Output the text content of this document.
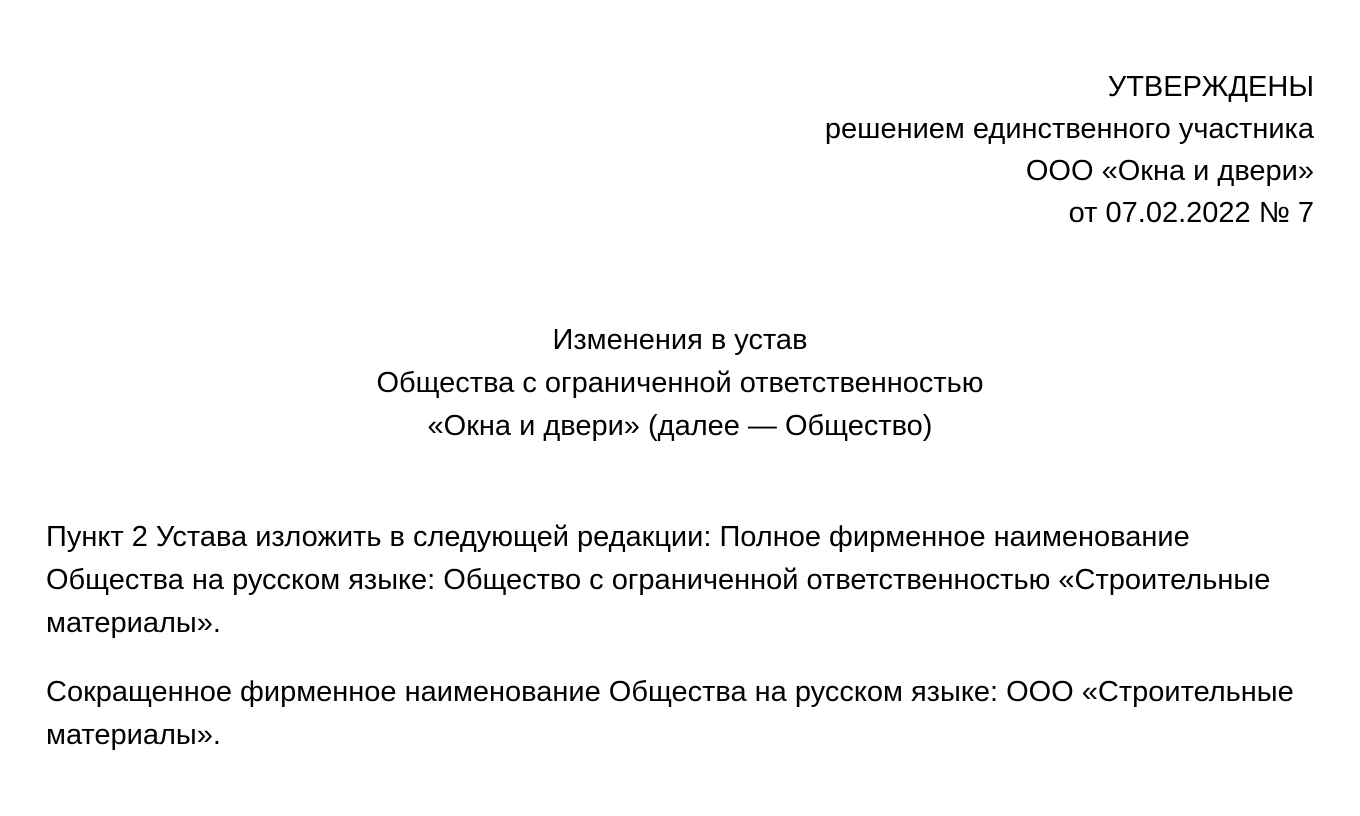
УТВЕРЖДЕНЫ
решением единственного участника
ООО «Окна и двери»
от 07.02.2022 № 7
Изменения в устав
Общества с ограниченной ответственностью
«Окна и двери» (далее — Общество)

Пункт 2 Устава изложить в следующей редакции: Полное фирменное наименование Общества на русском языке: Общество с ограниченной ответственностью «Строительные материалы».

Сокращенное фирменное наименование Общества на русском языке: ООО «Строительные материалы».
